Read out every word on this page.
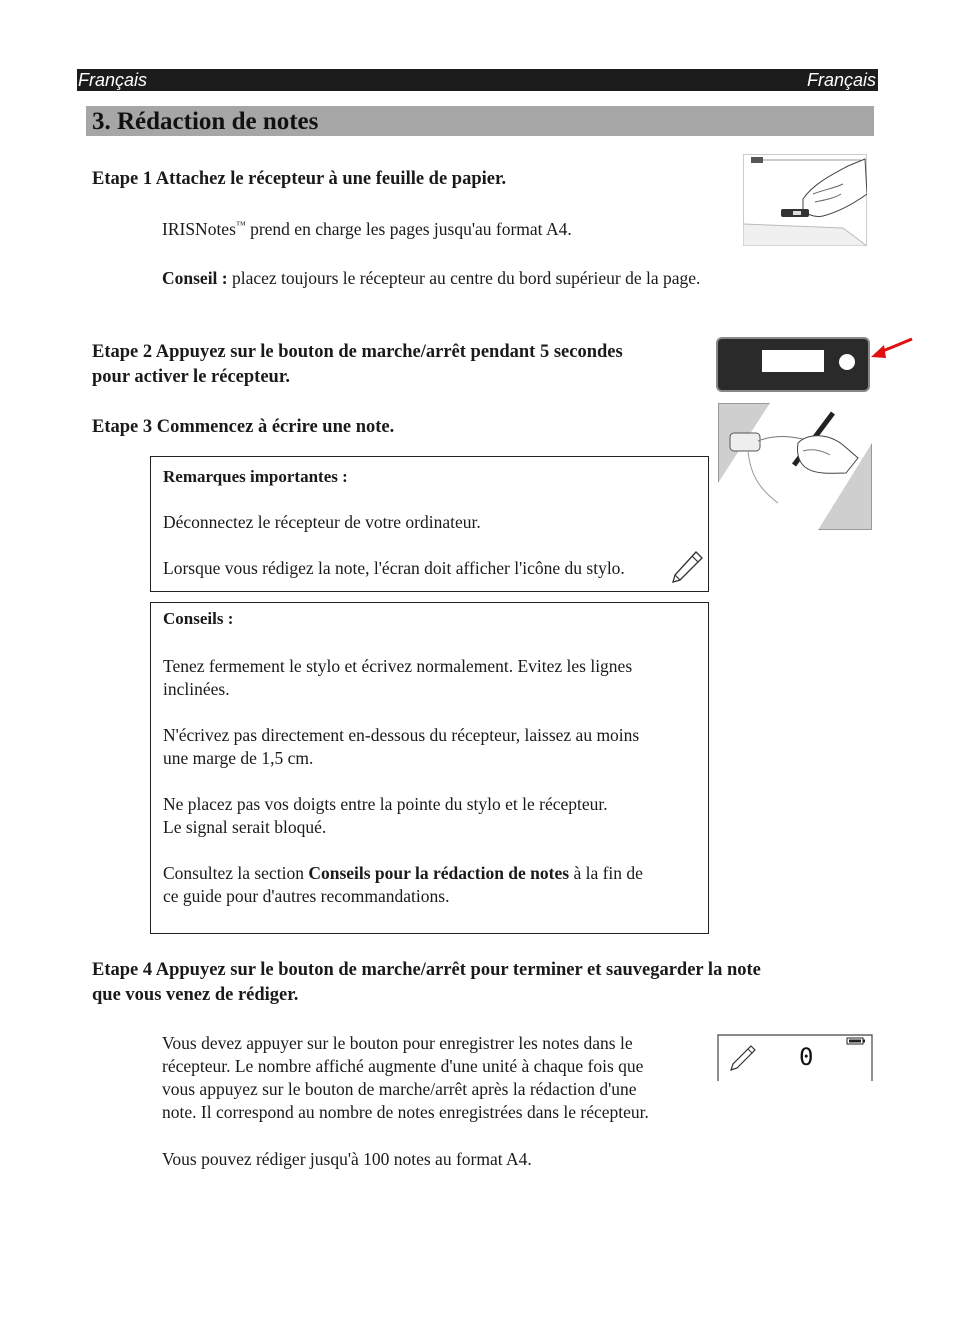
Français	Français
3. Rédaction de notes
Etape 1 Attachez le récepteur à une feuille de papier.
IRISNotes™ prend en charge les pages jusqu'au format A4.
Conseil : placez toujours le récepteur au centre du bord supérieur de la page.
Etape 2 Appuyez sur le bouton de marche/arrêt pendant 5 secondes
pour activer le récepteur.
Etape 3 Commencez à écrire une note.

Remarques importantes :

Déconnectez le récepteur de votre ordinateur.

Lorsque vous rédigez la note, l'écran doit afficher l'icône du stylo.

Conseils :

Tenez fermement le stylo et écrivez normalement. Evitez les lignes
inclinées.

N'écrivez pas directement en-dessous du récepteur, laissez au moins
une marge de 1,5 cm.

Ne placez pas vos doigts entre la pointe du stylo et le récepteur.
Le signal serait bloqué.

Consultez la section Conseils pour la rédaction de notes à la fin de
ce guide pour d'autres recommandations.

Etape 4 Appuyez sur le bouton de marche/arrêt pour terminer et sauvegarder la note
que vous venez de rédiger.
Vous devez appuyer sur le bouton pour enregistrer les notes dans le
récepteur. Le nombre affiché augmente d'une unité à chaque fois que
vous appuyez sur le bouton de marche/arrêt après la rédaction d'une
note. Il correspond au nombre de notes enregistrées dans le récepteur.
Vous pouvez rédiger jusqu'à 100 notes au format A4.
0
